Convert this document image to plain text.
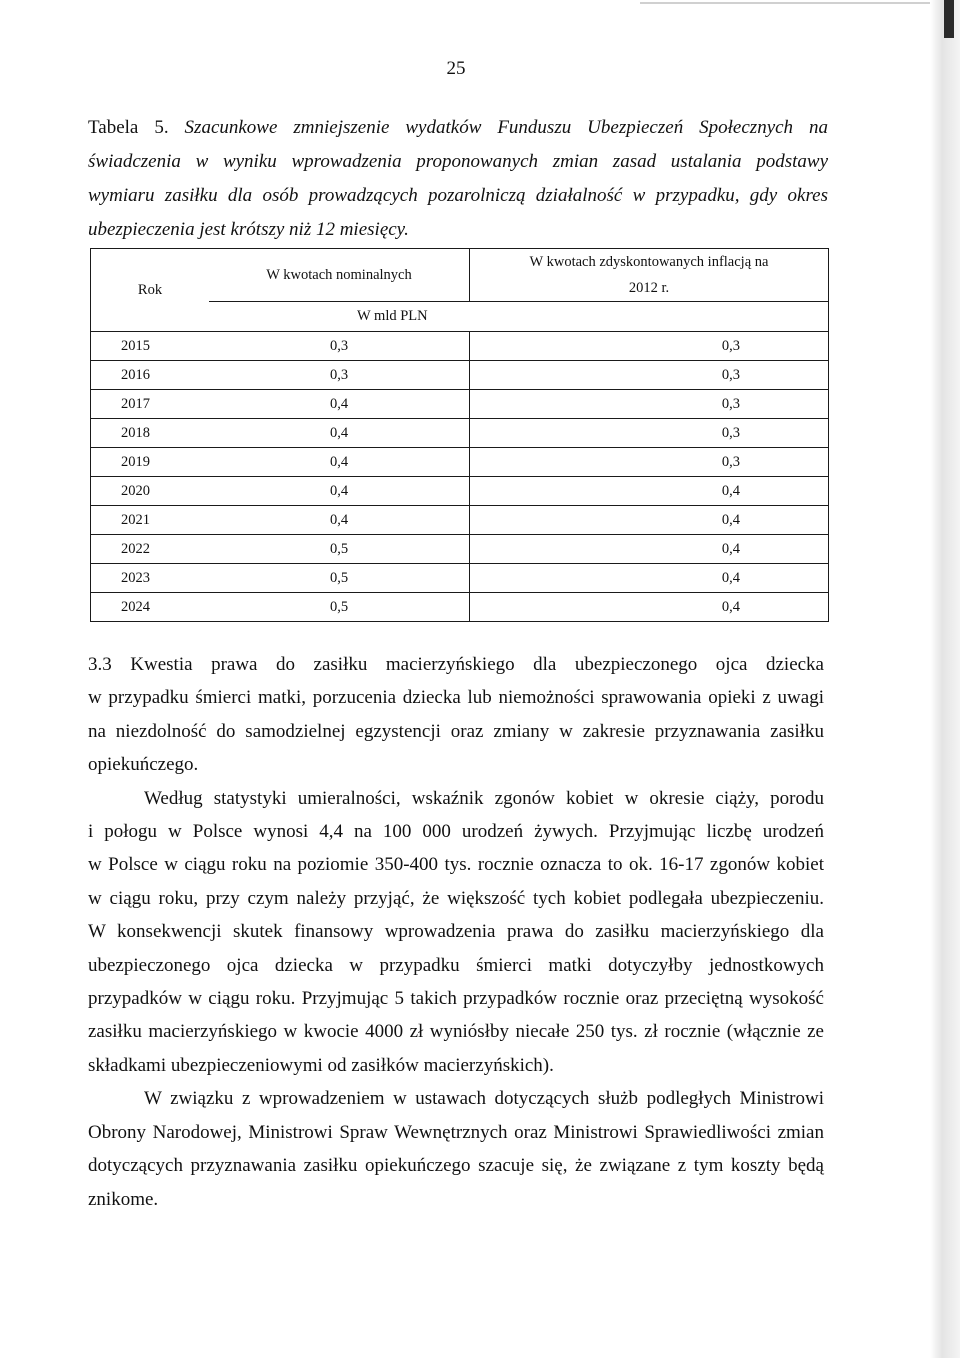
25
Tabela 5. Szacunkowe zmniejszenie wydatków Funduszu Ubezpieczeń Społecznych na
świadczenia w wyniku wprowadzenia proponowanych zmian zasad ustalania podstawy
wymiaru zasiłku dla osób prowadzących pozarolniczą działalność w przypadku, gdy okres
ubezpieczenia jest krótszy niż 12 miesięcy.
Rok	W kwotach nominalnych	W kwotach zdyskontowanych inflacją na
2012 r.
	W mld PLN	
2015	0,3	0,3
2016	0,3	0,3
2017	0,4	0,3
2018	0,4	0,3
2019	0,4	0,3
2020	0,4	0,4
2021	0,4	0,4
2022	0,5	0,4
2023	0,5	0,4
2024	0,5	0,4

3.3 Kwestia prawa do zasiłku macierzyńskiego dla ubezpieczonego ojca dziecka
w przypadku śmierci matki, porzucenia dziecka lub niemożności sprawowania opieki z uwagi
na niezdolność do samodzielnej egzystencji oraz zmiany w zakresie przyznawania zasiłku
opiekuńczego.

Według statystyki umieralności, wskaźnik zgonów kobiet w okresie ciąży, porodu
i połogu w Polsce wynosi 4,4 na 100 000 urodzeń żywych. Przyjmując liczbę urodzeń
w Polsce w ciągu roku na poziomie 350-400 tys. rocznie oznacza to ok. 16-17 zgonów kobiet
w ciągu roku, przy czym należy przyjąć, że większość tych kobiet podlegała ubezpieczeniu.
W konsekwencji skutek finansowy wprowadzenia prawa do zasiłku macierzyńskiego dla
ubezpieczonego ojca dziecka w przypadku śmierci matki dotyczyłby jednostkowych
przypadków w ciągu roku. Przyjmując 5 takich przypadków rocznie oraz przeciętną wysokość
zasiłku macierzyńskiego w kwocie 4000 zł wyniósłby niecałe 250 tys. zł rocznie (włącznie ze
składkami ubezpieczeniowymi od zasiłków macierzyńskich).

W związku z wprowadzeniem w ustawach dotyczących służb podległych Ministrowi
Obrony Narodowej, Ministrowi Spraw Wewnętrznych oraz Ministrowi Sprawiedliwości zmian
dotyczących przyznawania zasiłku opiekuńczego szacuje się, że związane z tym koszty będą
znikome.
